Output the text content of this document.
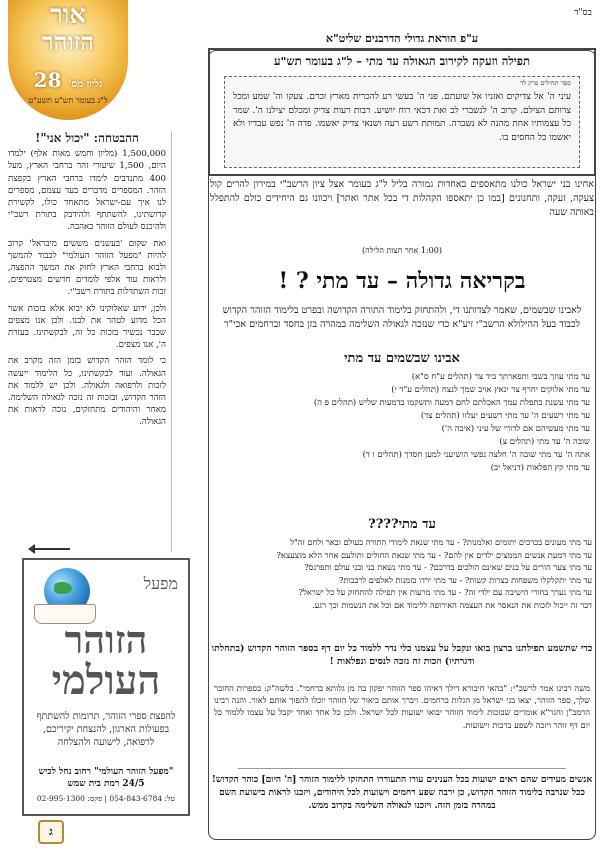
בס"ד
אור
הזוהר
גליון מס' 28
ל"ג בעומר תש"ע תשע"ט
ההבטחה: "יכול אני"!

1,500,000 (מליון וחמש מאות אלף) ילמדו היום, 1,500 שיעורי זהר ברחבי הארץ, מעל 400 מתנדבים לימדו ברחבי הארץ בקפצת הזהר. המספרים מדברים בעד עצמם, מספרים לנו איך עם-ישראל מתאחד כולו, לקשירת קדושתינו, להשתתף ולהידבק בתורת רשב"י ולהיכנס לעולם הזוהר באהבה.

ואת שקום 'בעשנים מששים מיבראל' קרוב להיות "מפעל הזוהר העולמי" לכבוד להמשך ולבוא ברחבי הארץ לחזק את המשך ההפצה, ולראות עוד אלפי לומדים חדשים מצטרפים, זכות השתדלות בתורת רשב"י.

ולכן, ידוע שאלוקינו לא יבוא אלא בזכות אשר הכל מדוע לטהר את לבנו. ולכן אנו מצפים שכבר נכשיר בזכות כל זה, לבקשתינו. בעזרת ה', אנו מצפים.

כי לומד הזהר הקדוש בזמן הזה מקרב את הגאולה. ועוד לבקשתינו, כל הלימוד ייעשה לזכות ולרפואה ולגאולה. ולכן יש ללמוד את הזהר הקדוש, ובזכות זה נזכה לגאולה השלימה. מאחר והיהודים מתחזקים, נזכה לראות את הגאולה.

מפעל
הזוהר
העולמי
להפצת ספרי הזוהר, תרומות להשתתף בפעולות הארגון, להנצחת יקיריכם, לרפואה, לישועה ולהצלחה
"מפעל הזוהר העולמי" רחוב נחל לכיש 24/5 רמת בית שמש
טל: 054-843-6784 | פקס: 02-995-1300
ג
ע"פ הוראת גדולי הדרבנים שליט"א
תפילה וזעקה לקירוב הגאולה עד מתי – ל"ג בעומר תש"ע
ספר תהילים פרק לד
עיני ה' אל צדיקים ואזניו אל שועתם. פני ה' בעשי רע להכרית מארץ זכרם. צעקו וה' שמע ומכל צרותם הצילם. קרוב ה' לנשברי לב ואת דכאי רוח יושיע. רבות רעות צדיק ומכלם יצילנו ה'. שמר כל עצמותיו אחת מהנה לא נשברה. תמותת רשע רעה ושנאי צדיק יאשמו. פדה ה' נפש עבדיו ולא יאשמו כל החסים בו.
אחינו בני ישראל כולנו מתאספים באחדות גמורה בליל ל"ג בעומר אצל ציון הרשב"י במירון להרים קול צעקה, זעקה, ותחנונים [במו כן יתאספו הקהלות די בכל אתר ואתר] ויכוונו גם היחידים כולם להתפלל באותה שעה
(1:00 אחר חצות הלילה)
בקריאה גדולה – עד מתי ? !
לאבינו שבשמים, שאמר לצדותנו די, ולהתחזק בלימוד התורה הקדושה ובפרט בלימוד הזוהר הקדוש לכבוד בעל ההילולא הרשב"י זיע"א כדי שנזכה לגאולה השלימה במהרה בזן בחסד וברחמים אכי"ר
אבינו שבשמים עד מתי
עד מתי עוזך בשבי ותפארתך ביד צר (תהלים ע"ח ס"א)
עד מתי אלוקים יחרף צר ינאץ אויב שמך לנצח (תהלים ע"ד י)
עד מתי עשנת בתפלת עמך האכלתם לחם דמעה ותשקמו בדמעות שליש (תהלים פ ה)
עד מתי רשעים ה' עד מתי רשעים יעלזו (תהלים צד)
עד מתי מעשיהם אם לדורי של עיני (איכה ה')
שובה ה' עד מתי (תהלים צ)
אתה ה' עד מתי שובה ה' חלצה נפשי הושיעני למען חסדך (תהלים ו ד)
עד מתי קץ הפלאות (דניאל יב)
עד מתי????
עד מתי מעונים בכרכים יתומים ואלמנות? - עד מתי שנאת לימודי התורה בעולם ובאר ולחם זה"ל
עד מתי דמעת אנשים הממצים ילדים אין להם? - עד מתי שנאת החולים ותולעם אחר הלא מוצעצא?
עד מתי צער הורים על בנים שאינם הולכים בדרכם? - עד מתי נשאת בני ובני עולם ותפרנס?
עד מתי יתקלקלו משפחות בצרות קשות? - עד מתי ירדו בזמנות לאלפים לרבבות?
עד מתי נערך בחורי הישיבה עם ילדי זה? - עד מתי מרעות אין תפילה להתחזק על כל ישראל?
דבר זה ייכול לזכות את הנאסר את העצמה האירופה ללימוד אם וכל את הנשמות וכך רגע.
כדי שתשמע תפילתנו ברצון בואו ונקבל על עצמנו כלי נדר ללמוד כל יום דף בספר הזוהר הקדוש (בתחלתו ודגרתיו) וזכות זה נזכה לנסים ונפלאות !
משה רבינו אמר לרשב"י: "בהאי חיבורא דילך דאיהו ספר הזוהר יפקון בה מן גלותא ברחמי". בלשה"ק: בספרות החובר שלך, ספר הזוהר, יצאו בני ישראל מן הגלות ברחמים. ויברך אותם ביאור של הזוהר יוכלו להפוך אותם לאור. והנה רבינו הרמב"ן והגר"א אומרים שבזכות לימוד הזוהר יבואו ישועות לכל ישראל. ולכן כל אחד ואחד יקבל על עצמו ללמוד כל יום דף זוהר ויזכה לשפע ברכות וישועות.
אנשים מעידים שהם ראים ישועות בכל הענינים עורו התעוררו התחזקו ללימוד הזוהר [ה' היום] כוהר הקדוש! ככל שנרבה בלימוד הזוהר הקדוש, כן ירבה שפע רחמים וישועות לכל היהודים, ויזכנו לראות בישועת השם במהרה בזמן הזה. ויזכנו לגאולה השלימה בקרוב ממש.
